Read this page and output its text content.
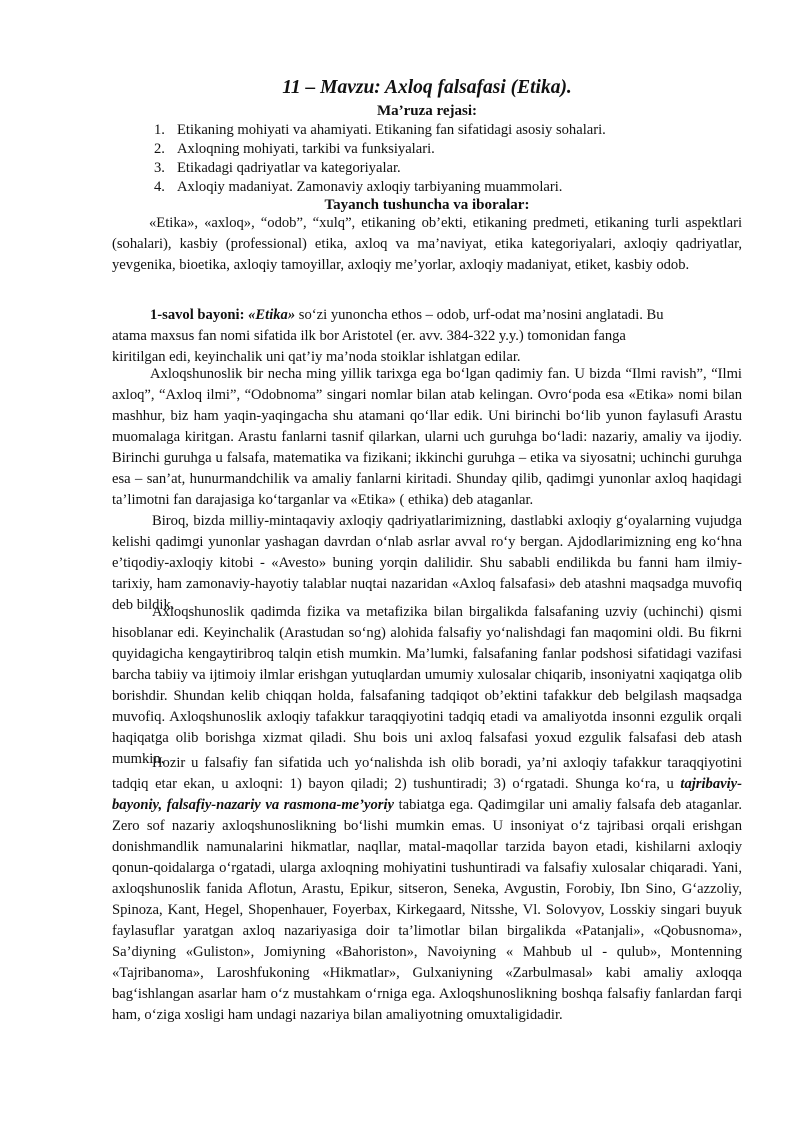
11 – Mavzu: Axloq falsafasi (Etika).
Ma’ruza rejasi:
1. Etikaning mohiyati va ahamiyati. Etikaning fan sifatidagi asosiy sohalari.
2. Axloqning mohiyati, tarkibi va funksiyalari.
3. Etikadagi qadriyatlar va kategoriyalar.
4. Axloqiy madaniyat. Zamonaviy axloqiy tarbiyaning muammolari.
Tayanch tushuncha va iboralar:
«Etika», «axloq», “odob”, “xulq”, etikaning ob’ekti, etikaning predmeti, etikaning turli aspektlari (sohalari), kasbiy (professional) etika, axloq va ma’naviyat, etika kategoriyalari, axloqiy qadriyatlar, yevgenika, bioetika, axloqiy tamoyillar, axloqiy me’yorlar, axloqiy madaniyat, etiket, kasbiy odob.
1-savol bayoni: «Etika» so‘zi yunoncha ethos – odob, urf-odat ma’nosini anglatadi. Bu
atama maxsus fan nomi sifatida ilk bor Aristotel (er. avv. 384-322 y.y.) tomonidan fanga
kiritilgan edi, keyinchalik uni qat’iy ma’noda stoiklar ishlatgan edilar.
Axloqshunoslik bir necha ming yillik tarixga ega bo‘lgan qadimiy fan. U bizda “Ilmi ravish”, “Ilmi axloq”, “Axloq ilmi”, “Odobnoma” singari nomlar bilan atab kelingan. Ovro‘poda esa «Etika» nomi bilan mashhur, biz ham yaqin-yaqingacha shu atamani qo‘llar edik. Uni birinchi bo‘lib yunon faylasufi Arastu muomalaga kiritgan. Arastu fanlarni tasnif qilarkan, ularni uch guruhga bo‘ladi: nazariy, amaliy va ijodiy. Birinchi guruhga u falsafa, matematika va fizikani; ikkinchi guruhga – etika va siyosatni; uchinchi guruhga esa – san’at, hunurmandchilik va amaliy fanlarni kiritadi. Shunday qilib, qadimgi yunonlar axloq haqidagi ta’limotni fan darajasiga ko‘targanlar va «Etika» ( ethika) deb ataganlar.
Biroq, bizda milliy-mintaqaviy axloqiy qadriyatlarimizning, dastlabki axloqiy g‘oyalarning vujudga kelishi qadimgi yunonlar yashagan davrdan o‘nlab asrlar avval ro‘y bergan. Ajdodlarimizning eng ko‘hna e’tiqodiy-axloqiy kitobi - «Avesto» buning yorqin dalilidir. Shu sababli endilikda bu fanni ham ilmiy-tarixiy, ham zamonaviy-hayotiy talablar nuqtai nazaridan «Axloq falsafasi» deb atashni maqsadga muvofiq deb bildik.
Axloqshunoslik qadimda fizika va metafizika bilan birgalikda falsafaning uzviy (uchinchi) qismi hisoblanar edi. Keyinchalik (Arastudan so‘ng) alohida falsafiy yo‘nalishdagi fan maqomini oldi. Bu fikrni quyidagicha kengaytiribroq talqin etish mumkin. Ma’lumki, falsafaning fanlar podshosi sifatidagi vazifasi barcha tabiiy va ijtimoiy ilmlar erishgan yutuqlardan umumiy xulosalar chiqarib, insoniyatni xaqiqatga olib borishdir. Shundan kelib chiqqan holda, falsafaning tadqiqot ob’ektini tafakkur deb belgilash maqsadga muvofiq. Axloqshunoslik axloqiy tafakkur taraqqiyotini tadqiq etadi va amaliyotda insonni ezgulik orqali haqiqatga olib borishga xizmat qiladi. Shu bois uni axloq falsafasi yoxud ezgulik falsafasi deb atash mumkin.
Hozir u falsafiy fan sifatida uch yo‘nalishda ish olib boradi, ya’ni axloqiy tafakkur taraqqiyotini tadqiq etar ekan, u axloqni: 1) bayon qiladi; 2) tushuntiradi; 3) o‘rgatadi. Shunga ko‘ra, u tajribaviy-bayoniy, falsafiy-nazariy va rasmona-me’yoriy tabiatga ega. Qadimgilar uni amaliy falsafa deb ataganlar. Zero sof nazariy axloqshunoslikning bo‘lishi mumkin emas. U insoniyat o‘z tajribasi orqali erishgan donishmandlik namunalarini hikmatlar, naqllar, matal-maqollar tarzida bayon etadi, kishilarni axloqiy qonun-qoidalarga o‘rgatadi, ularga axloqning mohiyatini tushuntiradi va falsafiy xulosalar chiqaradi. Yani, axloqshunoslik fanida Aflotun, Arastu, Epikur, sitseron, Seneka, Avgustin, Forobiy, Ibn Sino, G‘azzoliy, Spinoza, Kant, Hegel, Shopenhauer, Foyerbax, Kirkegaard, Nitsshe, Vl. Solovyov, Losskiy singari buyuk faylasuflar yaratgan axloq nazariyasiga doir ta’limotlar bilan birgalikda «Patanjali», «Qobusnoma», Sa’diyning «Guliston», Jomiyning «Bahoriston», Navoiyning « Mahbub ul - qulub», Montenning «Tajribanoma», Laroshfukoning «Hikmatlar», Gulxaniyning «Zarbulmasal» kabi amaliy axloqqa bag‘ishlangan asarlar ham o‘z mustahkam o‘rniga ega. Axloqshunoslikning boshqa falsafiy fanlardan farqi ham, o‘ziga xosligi ham undagi nazariya bilan amaliyotning omuxtaligidadir.
